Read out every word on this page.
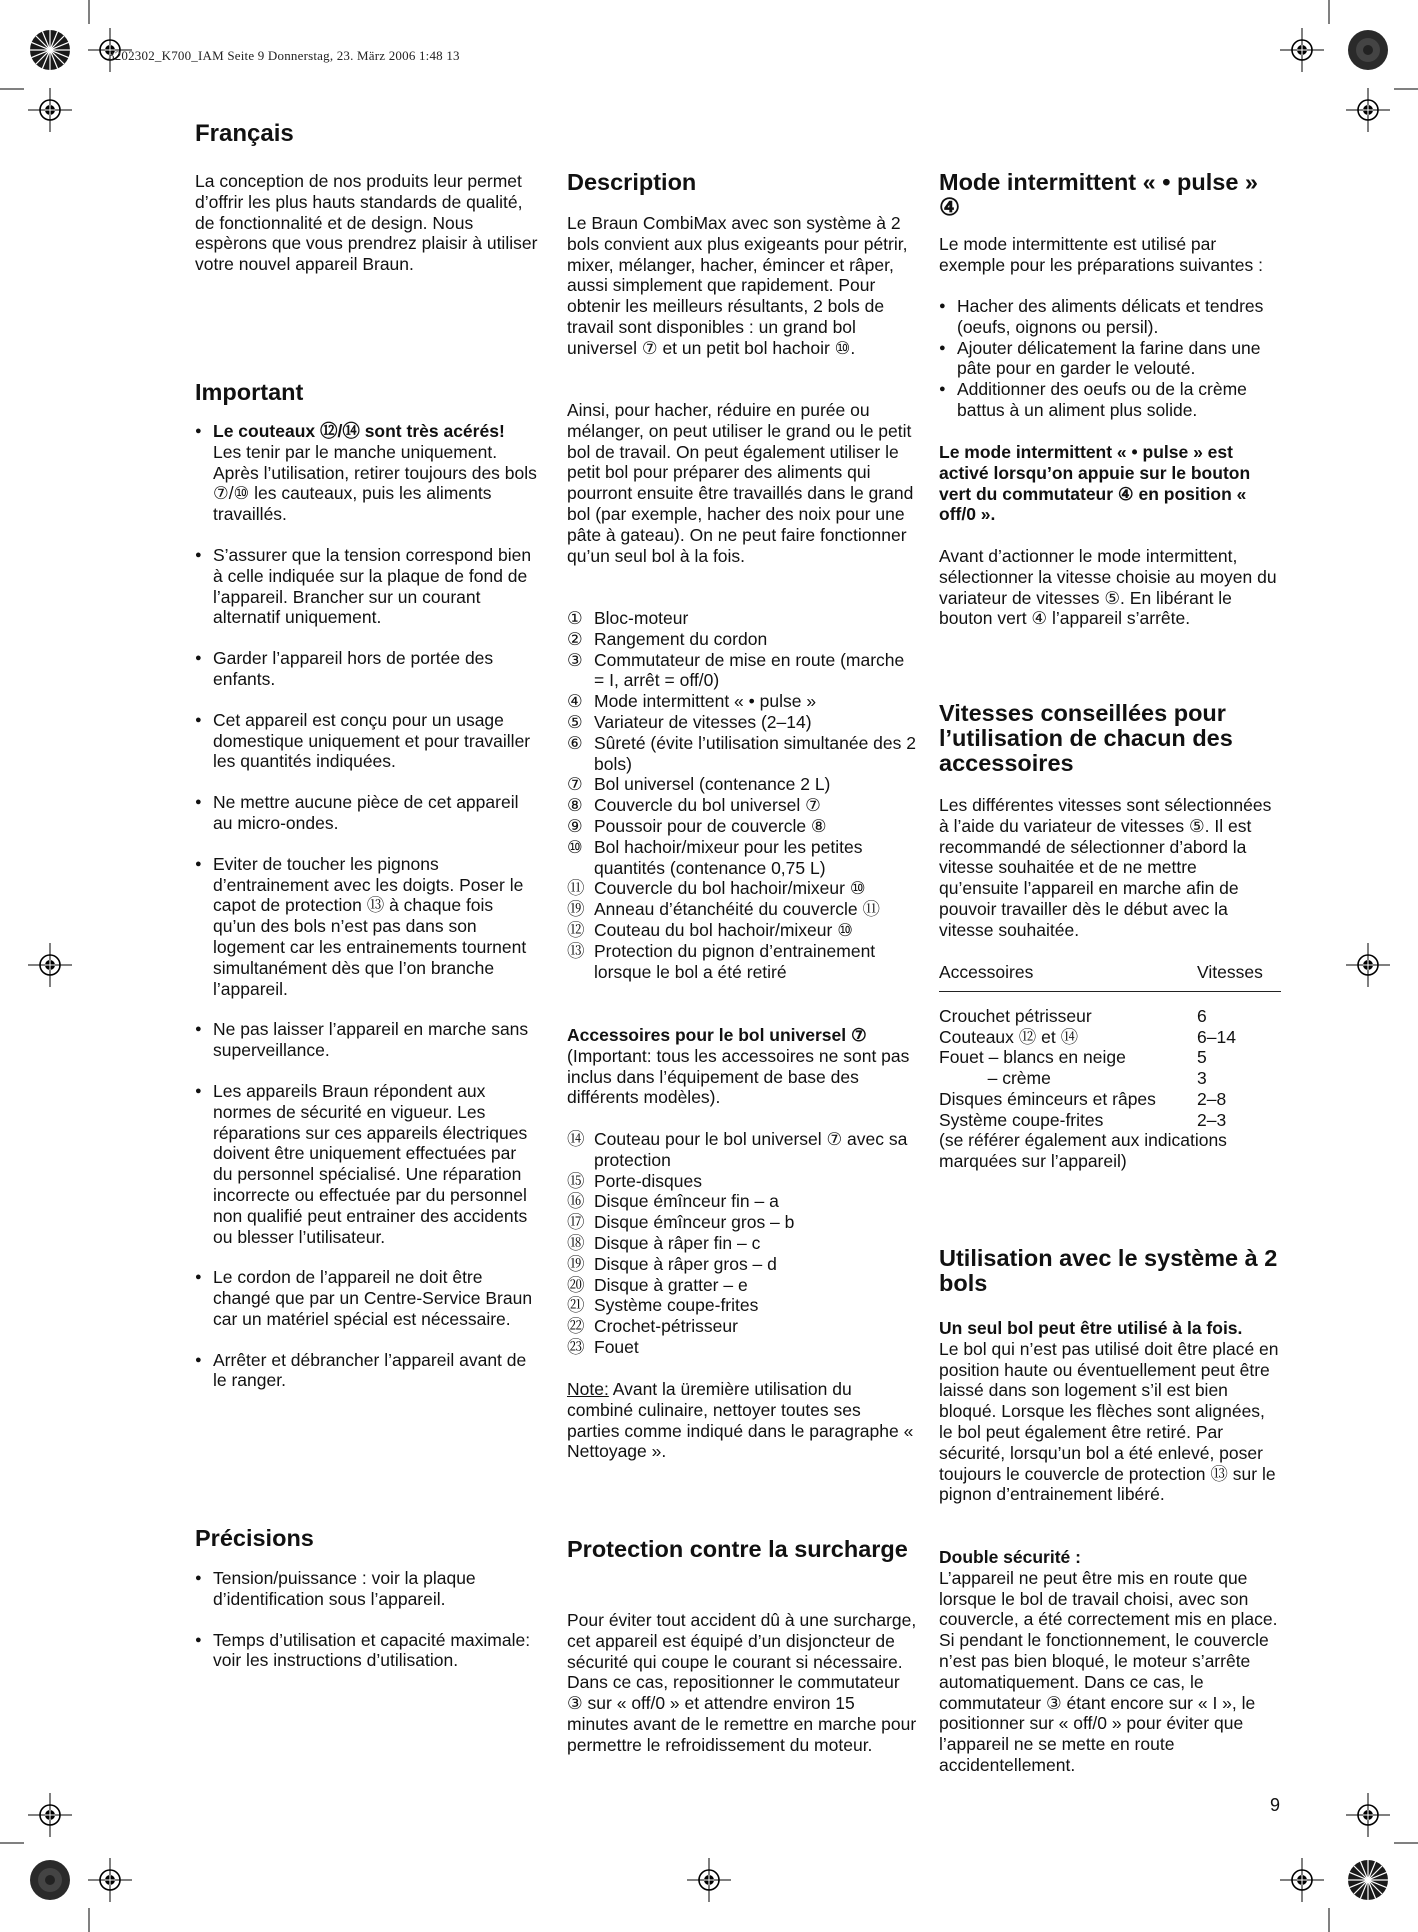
3202302_K700_IAM Seite 9 Donnerstag, 23. März 2006 1:48 13
Français

La conception de nos produits leur permet d’offrir les plus hauts standards de qualité, de fonctionnalité et de design. Nous espèrons que vous prendrez plaisir à utiliser votre nouvel appareil Braun.

Important
● Le couteaux ⑫/⑭ sont très acérés!
Les tenir par le manche uniquement. Après l’utilisation, retirer toujours des bols ⑦/⑩ les cauteaux, puis les aliments travaillés.
● S’assurer que la tension correspond bien à celle indiquée sur la plaque de fond de l’appareil. Brancher sur un courant alternatif uniquement.
● Garder l’appareil hors de portée des enfants.
● Cet appareil est conçu pour un usage domestique uniquement et pour travailler les quantités indiquées.
● Ne mettre aucune pièce de cet appareil au micro-ondes.
● Eviter de toucher les pignons d’entrainement avec les doigts. Poser le capot de protection ⑬ à chaque fois qu’un des bols n’est pas dans son logement car les entrainements tournent simultanément dès que l’on branche l’appareil.
● Ne pas laisser l’appareil en marche sans superveillance.
● Les appareils Braun répondent aux normes de sécurité en vigueur. Les réparations sur ces appareils électriques doivent être uniquement effectuées par du personnel spécialisé. Une réparation incorrecte ou effectuée par du personnel non qualifié peut entrainer des accidents ou blesser l’utilisateur.
● Le cordon de l’appareil ne doit être changé que par un Centre-Service Braun car un matériel spécial est nécessaire.
● Arrêter et débrancher l’appareil avant de le ranger.
Précisions
● Tension/puissance : voir la plaque d’identification sous l’appareil.
● Temps d’utilisation et capacité maximale: voir les instructions d’utilisation.
Description

Le Braun CombiMax avec son système à 2 bols convient aux plus exigeants pour pétrir, mixer, mélanger, hacher, émincer et râper, aussi simplement que rapidement. Pour obtenir les meilleurs résultants, 2 bols de travail sont disponibles : un grand bol universel ⑦ et un petit bol hachoir ⑩.

Ainsi, pour hacher, réduire en purée ou mélanger, on peut utiliser le grand ou le petit bol de travail. On peut également utiliser le petit bol pour préparer des aliments qui pourront ensuite être travaillés dans le grand bol (par exemple, hacher des noix pour une pâte à gateau). On ne peut faire fonctionner qu’un seul bol à la fois.

① Bloc-moteur
② Rangement du cordon
③ Commutateur de mise en route (marche = I, arrêt = off/0)
④ Mode intermittent « • pulse »
⑤ Variateur de vitesses (2–14)
⑥ Sûreté (évite l’utilisation simultanée des 2 bols)
⑦ Bol universel (contenance 2 L)
⑧ Couvercle du bol universel ⑦
⑨ Poussoir pour de couvercle ⑧
⑩ Bol hachoir/mixeur pour les petites quantités (contenance 0,75 L)
⑪ Couvercle du bol hachoir/mixeur ⑩
⑲ Anneau d’étanchéité du couvercle ⑪
⑫ Couteau du bol hachoir/mixeur ⑩
⑬ Protection du pignon d’entrainement lorsque le bol a été retiré

Accessoires pour le bol universel ⑦
(Important: tous les accessoires ne sont pas inclus dans l’équipement de base des différents modèles).

⑭ Couteau pour le bol universel ⑦ avec sa protection
⑮ Porte-disques
⑯ Disque émînceur fin – a
⑰ Disque émînceur gros – b
⑱ Disque à râper fin – c
⑲ Disque à râper gros – d
⑳ Disque à gratter – e
㉑ Système coupe-frites
㉒ Crochet-pétrisseur
㉓ Fouet

Note: Avant la üremière utilisation du combiné culinaire, nettoyer toutes ses parties comme indiqué dans le paragraphe « Nettoyage ».

Protection contre la surcharge

Pour éviter tout accident dû à une surcharge, cet appareil est équipé d’un disjoncteur de sécurité qui coupe le courant si nécessaire. Dans ce cas, repositionner le commutateur ③ sur « off/0 » et attendre environ 15 minutes avant de le remettre en marche pour permettre le refroidissement du moteur.

Mode intermittent « • pulse » ④

Le mode intermittente est utilisé par exemple pour les préparations suivantes :

● Hacher des aliments délicats et tendres (oeufs, oignons ou persil).
● Ajouter délicatement la farine dans une pâte pour en garder le velouté.
● Additionner des oeufs ou de la crème battus à un aliment plus solide.

Le mode intermittent « • pulse » est activé lorsqu’on appuie sur le bouton vert du commutateur ④ en position « off/0 ».

Avant d’actionner le mode intermittent, sélectionner la vitesse choisie au moyen du variateur de vitesses ⑤. En libérant le bouton vert ④ l’appareil s’arrête.

Vitesses conseillées pour l’utilisation de chacun des accessoires

Les différentes vitesses sont sélectionnées à l’aide du variateur de vitesses ⑤. Il est recommandé de sélectionner d’abord la vitesse souhaitée et de ne mettre qu’ensuite l’appareil en marche afin de pouvoir travailler dès le début avec la vitesse souhaitée.

Accessoires	Vitesses

Crouchet pétrisseur	6
Couteaux ⑫ et ⑭	6–14
Fouet – blancs en neige	5
– crème	3
Disques éminceurs et râpes	2–8
Système coupe-frites	2–3

(se référer également aux indications marquées sur l’appareil)

Utilisation avec le système à 2 bols

Un seul bol peut être utilisé à la fois.
Le bol qui n’est pas utilisé doit être placé en position haute ou éventuellement peut être laissé dans son logement s’il est bien bloqué. Lorsque les flèches sont alignées, le bol peut également être retiré. Par sécurité, lorsqu’un bol a été enlevé, poser toujours le couvercle de protection ⑬ sur le pignon d’entrainement libéré.

Double sécurité :
L’appareil ne peut être mis en route que lorsque le bol de travail choisi, avec son couvercle, a été correctement mis en place. Si pendant le fonctionnement, le couvercle n’est pas bien bloqué, le moteur s’arrête automatiquement. Dans ce cas, le commutateur ③ étant encore sur « I », le positionner sur « off/0 » pour éviter que l’appareil ne se mette en route accidentellement.

9
